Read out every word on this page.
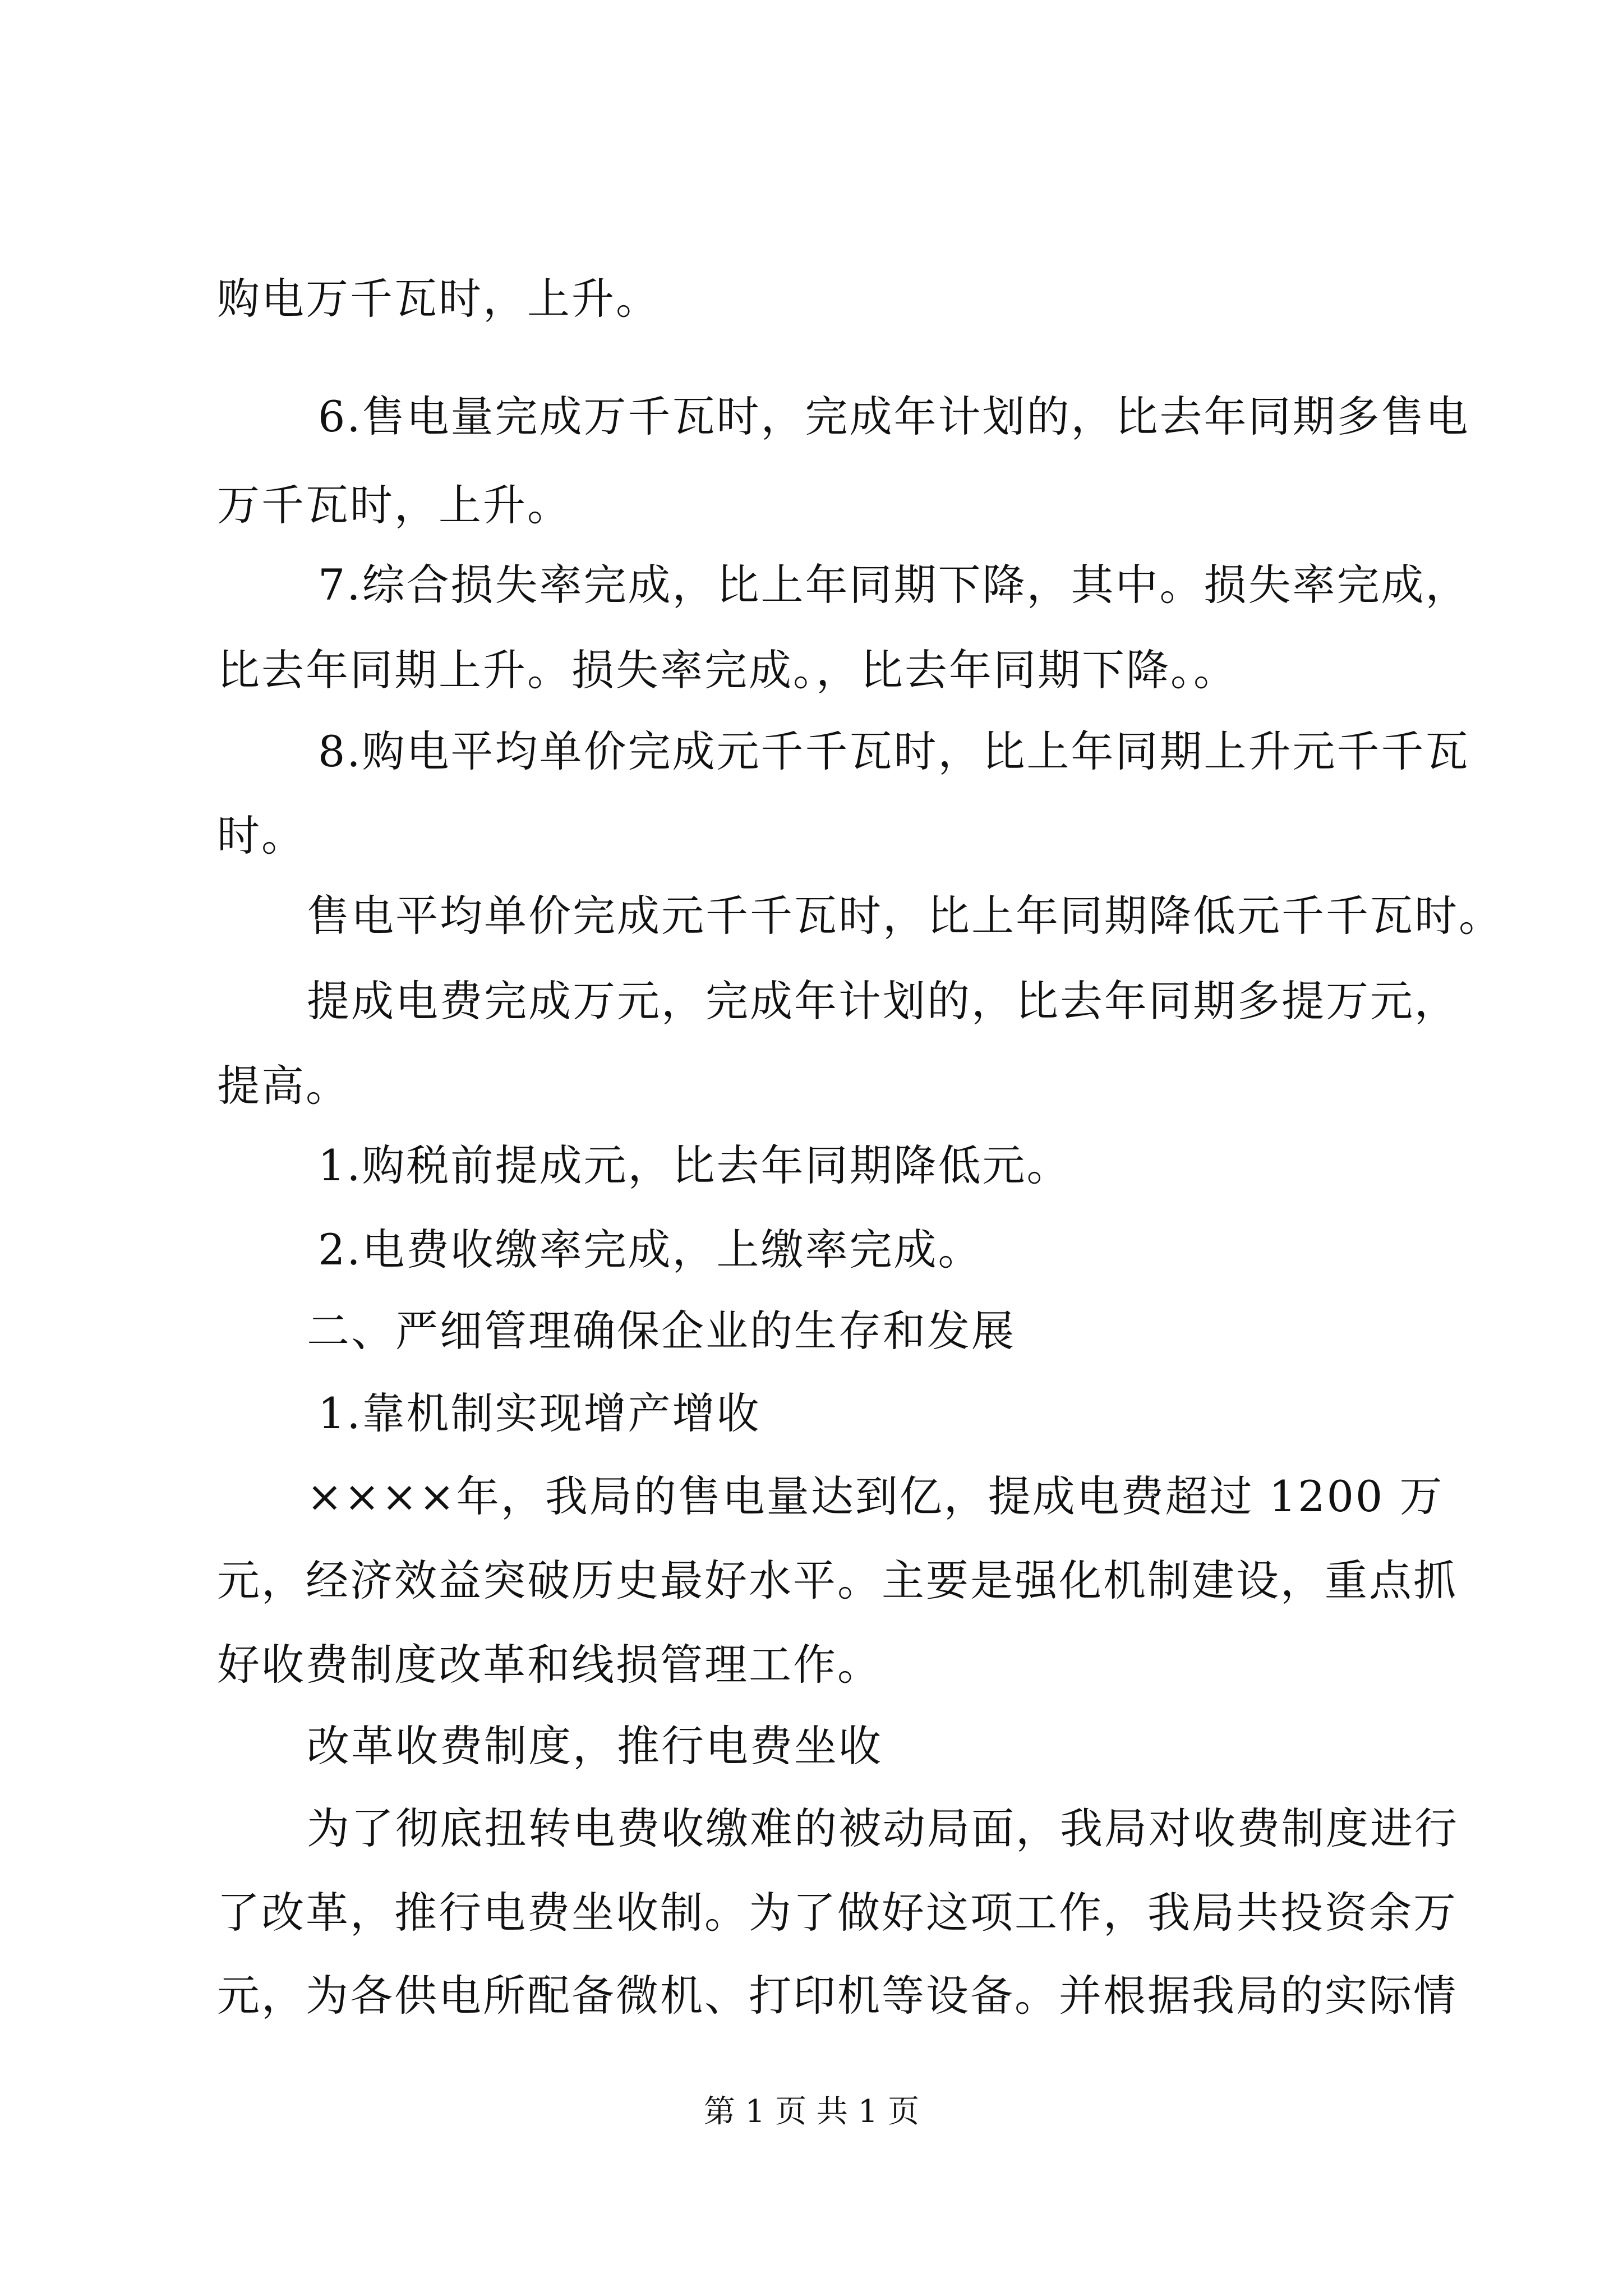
购电万千瓦时，上升。
6.售电量完成万千瓦时，完成年计划的，比去年同期多售电
万千瓦时，上升。
7.综合损失率完成，比上年同期下降，其中。损失率完成，
比去年同期上升。损失率完成。，比去年同期下降。。
8.购电平均单价完成元千千瓦时，比上年同期上升元千千瓦
时。
售电平均单价完成元千千瓦时，比上年同期降低元千千瓦时。
提成电费完成万元，完成年计划的，比去年同期多提万元，
提高。
1.购税前提成元，比去年同期降低元。
2.电费收缴率完成，上缴率完成。
二、严细管理确保企业的生存和发展
1.靠机制实现增产增收
××××年，我局的售电量达到亿，提成电费超过 1200 万
元，经济效益突破历史最好水平。主要是强化机制建设，重点抓
好收费制度改革和线损管理工作。
改革收费制度，推行电费坐收
为了彻底扭转电费收缴难的被动局面，我局对收费制度进行
了改革，推行电费坐收制。为了做好这项工作，我局共投资余万
元，为各供电所配备微机、打印机等设备。并根据我局的实际情
第 1 页 共 1 页
